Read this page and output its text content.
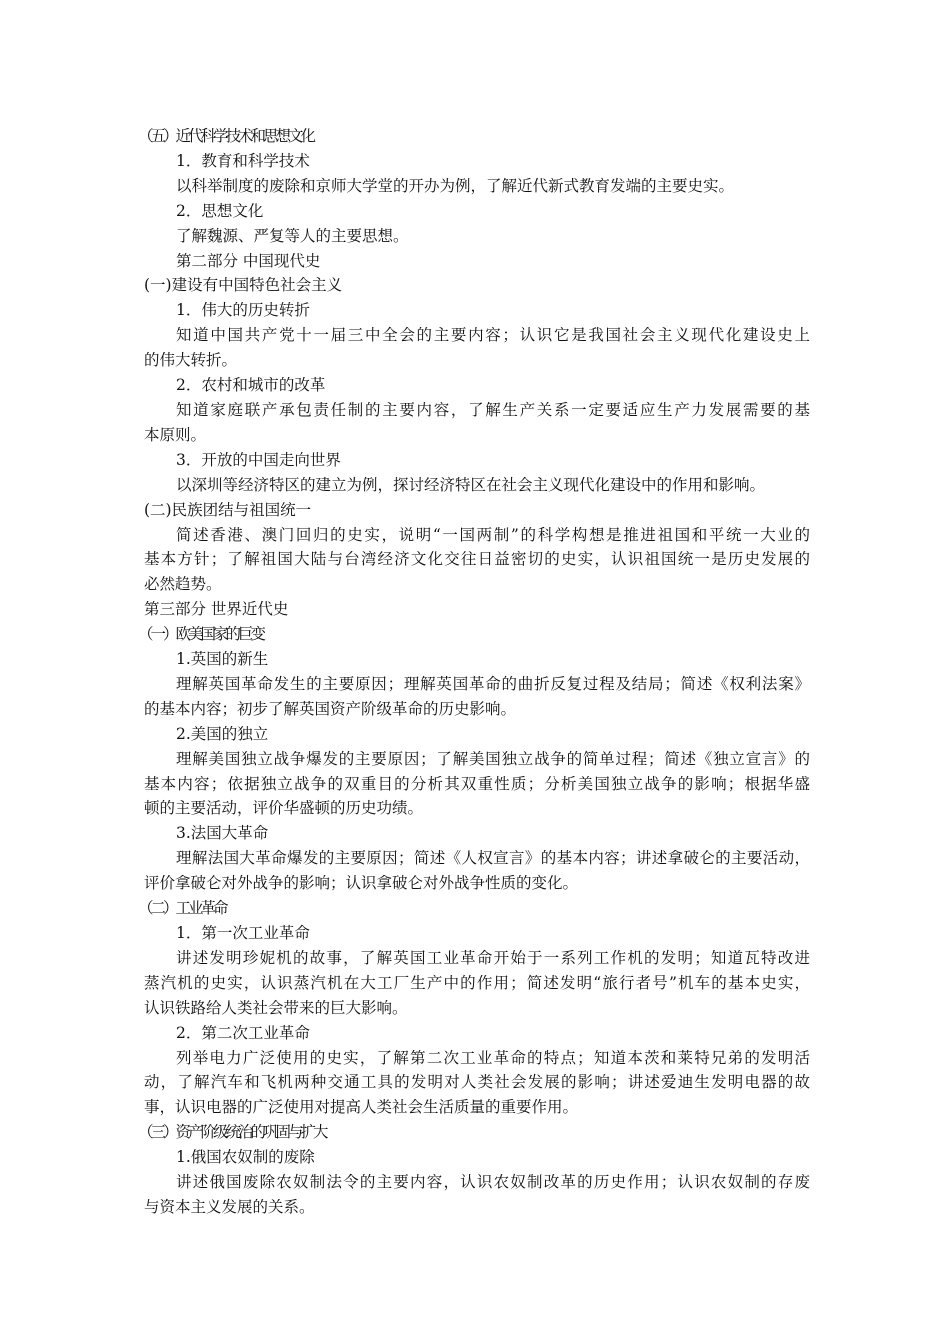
（五）近代科学技术和思想文化
1．教育和科学技术
以科举制度的废除和京师大学堂的开办为例，了解近代新式教育发端的主要史实。
2．思想文化
了解魏源、严复等人的主要思想。
第二部分 中国现代史
(一)建设有中国特色社会主义
1．伟大的历史转折
知道中国共产党十一届三中全会的主要内容；认识它是我国社会主义现代化建设史上
的伟大转折。
2．农村和城市的改革
知道家庭联产承包责任制的主要内容，了解生产关系一定要适应生产力发展需要的基
本原则。
3．开放的中国走向世界
以深圳等经济特区的建立为例，探讨经济特区在社会主义现代化建设中的作用和影响。
(二)民族团结与祖国统一
简述香港、澳门回归的史实，说明“一国两制”的科学构想是推进祖国和平统一大业的
基本方针；了解祖国大陆与台湾经济文化交往日益密切的史实，认识祖国统一是历史发展的
必然趋势。
第三部分 世界近代史
（一）欧美国家的巨变
1.英国的新生
理解英国革命发生的主要原因；理解英国革命的曲折反复过程及结局；简述《权利法案》
的基本内容；初步了解英国资产阶级革命的历史影响。
2.美国的独立
理解美国独立战争爆发的主要原因；了解美国独立战争的简单过程；简述《独立宣言》的
基本内容；依据独立战争的双重目的分析其双重性质；分析美国独立战争的影响；根据华盛
顿的主要活动，评价华盛顿的历史功绩。
3.法国大革命
理解法国大革命爆发的主要原因；简述《人权宣言》的基本内容；讲述拿破仑的主要活动，
评价拿破仑对外战争的影响；认识拿破仑对外战争性质的变化。
（二）工业革命
1．第一次工业革命
讲述发明珍妮机的故事，了解英国工业革命开始于一系列工作机的发明；知道瓦特改进
蒸汽机的史实，认识蒸汽机在大工厂生产中的作用；简述发明“旅行者号”机车的基本史实，
认识铁路给人类社会带来的巨大影响。
2．第二次工业革命
列举电力广泛使用的史实，了解第二次工业革命的特点；知道本茨和莱特兄弟的发明活
动，了解汽车和飞机两种交通工具的发明对人类社会发展的影响；讲述爱迪生发明电器的故
事，认识电器的广泛使用对提高人类社会生活质量的重要作用。
（三）资产阶级统治的巩固与扩大
1.俄国农奴制的废除
讲述俄国废除农奴制法令的主要内容，认识农奴制改革的历史作用；认识农奴制的存废
与资本主义发展的关系。
